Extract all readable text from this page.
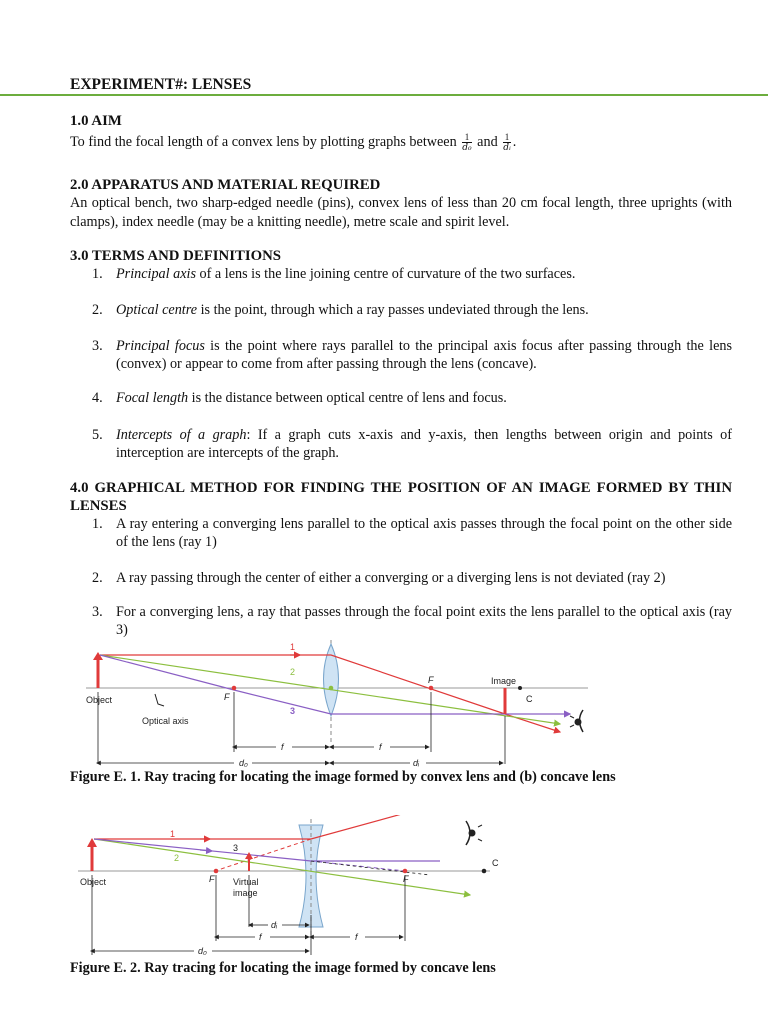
EXPERIMENT#: LENSES
1.0 AIM
To find the focal length of a convex lens by plotting graphs between $\frac{1}{\text{d₀}}$ and $\frac{1}{\text{dᵢ}}$ .
2.0 APPARATUS AND MATERIAL REQUIRED
An optical bench, two sharp-edged needle (pins), convex lens of less than 20 cm focal length, three uprights (with clamps), index needle (may be a knitting needle), metre scale and spirit level.
3.0 TERMS AND DEFINITIONS
1. Principal axis of a lens is the line joining centre of curvature of the two surfaces.
2. Optical centre is the point, through which a ray passes undeviated through the lens.
3. Principal focus is the point where rays parallel to the principal axis focus after passing through the lens (convex) or appear to come from after passing through the lens (concave).
4. Focal length is the distance between optical centre of lens and focus.
5. Intercepts of a graph: If a graph cuts x-axis and y-axis, then lengths between origin and points of interception are intercepts of the graph.
4.0 GRAPHICAL METHOD FOR FINDING THE POSITION OF AN IMAGE FORMED BY THIN LENSES
1. A ray entering a converging lens parallel to the optical axis passes through the focal point on the other side of the lens (ray 1)
2. A ray passing through the center of either a converging or a diverging lens is not deviated (ray 2)
3. For a converging lens, a ray that passes through the focal point exits the lens parallel to the optical axis (ray 3)
1
2
3
F
F	Image
C
Object
Optical axis
f	f
d₀	dᵢ
Figure E. 1. Ray tracing for locating the image formed by convex lens and (b) concave lens
1
2
3
C
Object	F	F
Virtual
image
dᵢ
f	f
d₀
Figure E. 2. Ray tracing for locating the image formed by concave lens
